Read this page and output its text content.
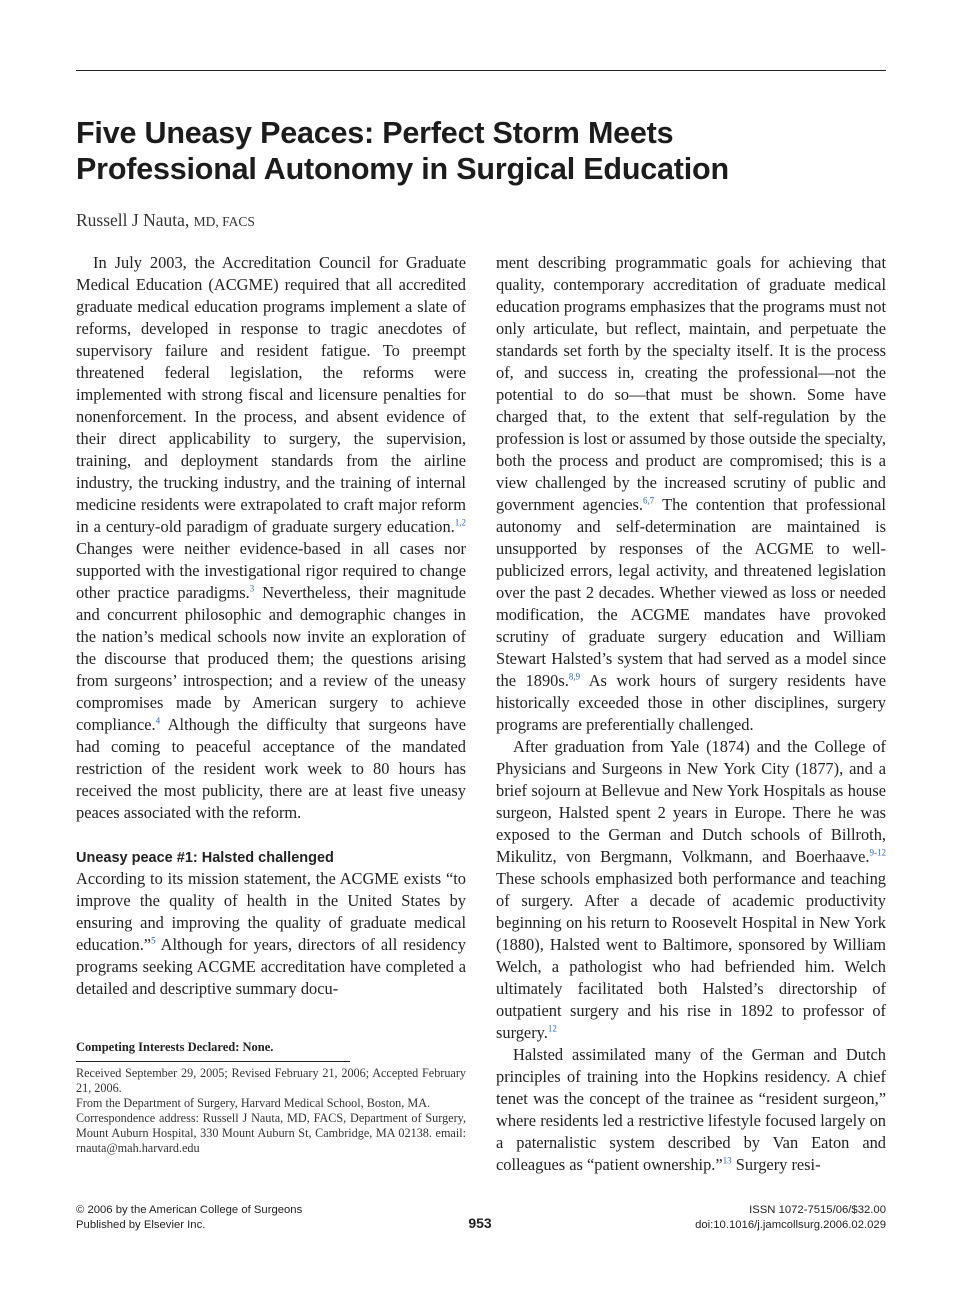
Five Uneasy Peaces: Perfect Storm Meets
Professional Autonomy in Surgical Education
Russell J Nauta, MD, FACS

In July 2003, the Accreditation Council for Graduate Medical Education (ACGME) required that all accredited graduate medical education programs implement a slate of reforms, developed in response to tragic anecdotes of supervisory failure and resident fatigue. To preempt threatened federal legislation, the reforms were implemented with strong fiscal and licensure penalties for nonenforcement. In the process, and absent evidence of their direct applicability to surgery, the supervision, training, and deployment standards from the airline industry, the trucking industry, and the training of internal medicine residents were extrapolated to craft major reform in a century-old paradigm of graduate surgery education.$^{1,2}$ Changes were neither evidence-based in all cases nor supported with the investigational rigor required to change other practice paradigms.$^3$ Nevertheless, their magnitude and concurrent philosophic and demographic changes in the nation’s medical schools now invite an exploration of the discourse that produced them; the questions arising from surgeons’ introspection; and a review of the uneasy compromises made by American surgery to achieve compliance.$^4$ Although the difficulty that surgeons have had coming to peaceful acceptance of the mandated restriction of the resident work week to 80 hours has received the most publicity, there are at least five uneasy peaces associated with the reform.

Uneasy peace #1: Halsted challenged

According to its mission statement, the ACGME exists “to improve the quality of health in the United States by ensuring and improving the quality of graduate medical education.”$^5$ Although for years, directors of all residency programs seeking ACGME accreditation have completed a detailed and descriptive summary docu-

ment describing programmatic goals for achieving that quality, contemporary accreditation of graduate medical education programs emphasizes that the programs must not only articulate, but reflect, maintain, and perpetuate the standards set forth by the specialty itself. It is the process of, and success in, creating the professional—not the potential to do so—that must be shown. Some have charged that, to the extent that self-regulation by the profession is lost or assumed by those outside the specialty, both the process and product are compromised; this is a view challenged by the increased scrutiny of public and government agencies.$^{6,7}$ The contention that professional autonomy and self-determination are maintained is unsupported by responses of the ACGME to well-publicized errors, legal activity, and threatened legislation over the past 2 decades. Whether viewed as loss or needed modification, the ACGME mandates have provoked scrutiny of graduate surgery education and William Stewart Halsted’s system that had served as a model since the 1890s.$^{8,9}$ As work hours of surgery residents have historically exceeded those in other disciplines, surgery programs are preferentially challenged.

After graduation from Yale (1874) and the College of Physicians and Surgeons in New York City (1877), and a brief sojourn at Bellevue and New York Hospitals as house surgeon, Halsted spent 2 years in Europe. There he was exposed to the German and Dutch schools of Billroth, Mikulitz, von Bergmann, Volkmann, and Boerhaave.$^{9-12}$ These schools emphasized both performance and teaching of surgery. After a decade of academic productivity beginning on his return to Roosevelt Hospital in New York (1880), Halsted went to Baltimore, sponsored by William Welch, a pathologist who had befriended him. Welch ultimately facilitated both Halsted’s directorship of outpatient surgery and his rise in 1892 to professor of surgery.$^{12}$

Halsted assimilated many of the German and Dutch principles of training into the Hopkins residency. A chief tenet was the concept of the trainee as “resident surgeon,” where residents led a restrictive lifestyle focused largely on a paternalistic system described by Van Eaton and colleagues as “patient ownership.”$^{13}$ Surgery resi-

Competing Interests Declared: None.
Received September 29, 2005; Revised February 21, 2006; Accepted February 21, 2006.
From the Department of Surgery, Harvard Medical School, Boston, MA.
Correspondence address: Russell J Nauta, MD, FACS, Department of Surgery, Mount Auburn Hospital, 330 Mount Auburn St, Cambridge, MA 02138. email: rnauta@mah.harvard.edu
© 2006 by the American College of Surgeons
Published by Elsevier Inc.	953
ISSN 1072-7515/06/$32.00
doi:10.1016/j.jamcollsurg.2006.02.029
